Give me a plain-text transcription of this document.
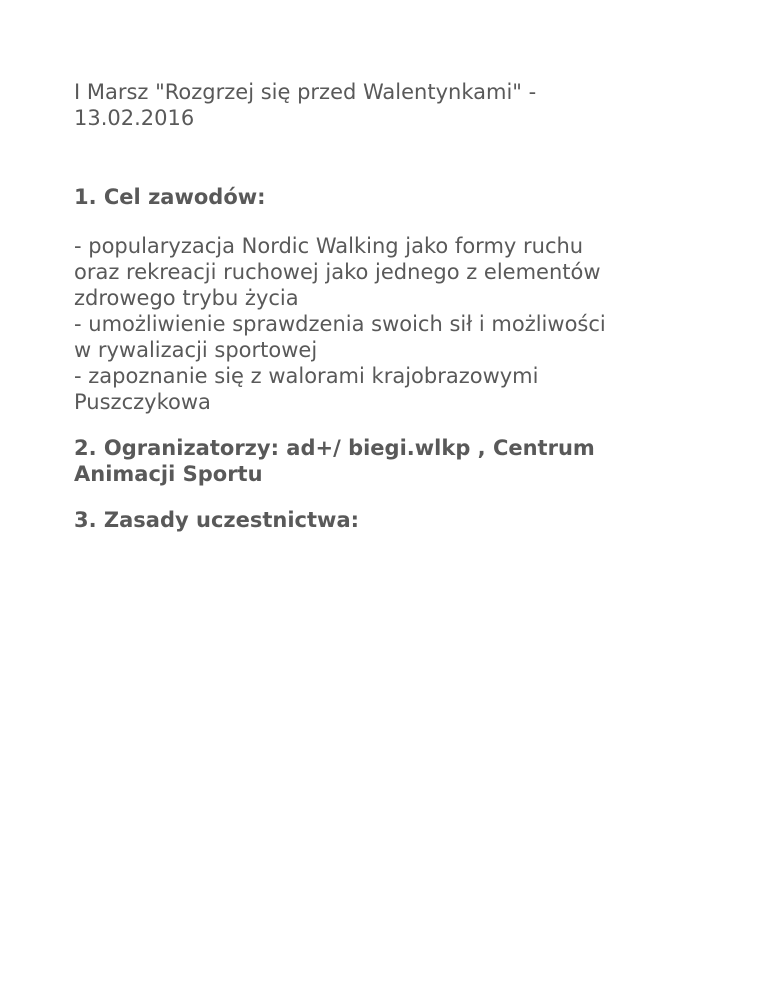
I Marsz "Rozgrzej się przed Walentynkami" -
13.02.2016
1. Cel zawodów:
- popularyzacja Nordic Walking jako formy ruchu
oraz rekreacji ruchowej jako jednego z elementów
zdrowego trybu życia
- umożliwienie sprawdzenia swoich sił i możliwości
w rywalizacji sportowej
- zapoznanie się z walorami krajobrazowymi
Puszczykowa
2. Ogranizatorzy: ad+/ biegi.wlkp , Centrum
Animacji Sportu
3. Zasady uczestnictwa:
